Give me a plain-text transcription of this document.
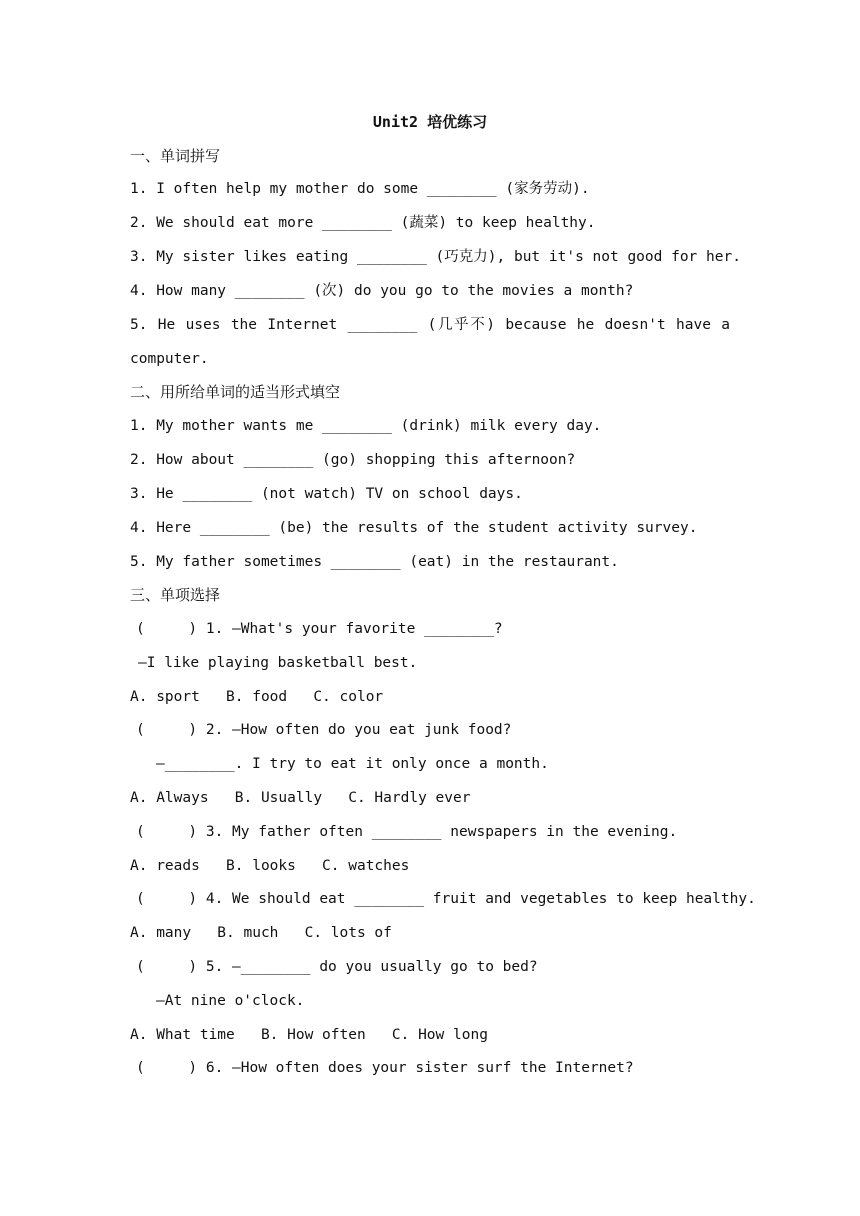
Unit2 培优练习
一、单词拼写
1. I often help my mother do some ________ (家务劳动).
2. We should eat more ________ (蔬菜) to keep healthy.
3. My sister likes eating ________ (巧克力), but it's not good for her.
4. How many ________ (次) do you go to the movies a month?
5. He uses the Internet ________ (几乎不) because he doesn't have a
computer.
二、用所给单词的适当形式填空
1. My mother wants me ________ (drink) milk every day.
2. How about ________ (go) shopping this afternoon?
3. He ________ (not watch) TV on school days.
4. Here ________ (be) the results of the student activity survey.
5. My father sometimes ________ (eat) in the restaurant.
三、单项选择
(     ) 1. —What's your favorite ________?
—I like playing basketball best.
A. sport   B. food   C. color
(     ) 2. —How often do you eat junk food?
—________. I try to eat it only once a month.
A. Always   B. Usually   C. Hardly ever
(     ) 3. My father often ________ newspapers in the evening.
A. reads   B. looks   C. watches
(     ) 4. We should eat ________ fruit and vegetables to keep healthy.
A. many   B. much   C. lots of
(     ) 5. —________ do you usually go to bed?
—At nine o'clock.
A. What time   B. How often   C. How long
(     ) 6. —How often does your sister surf the Internet?
